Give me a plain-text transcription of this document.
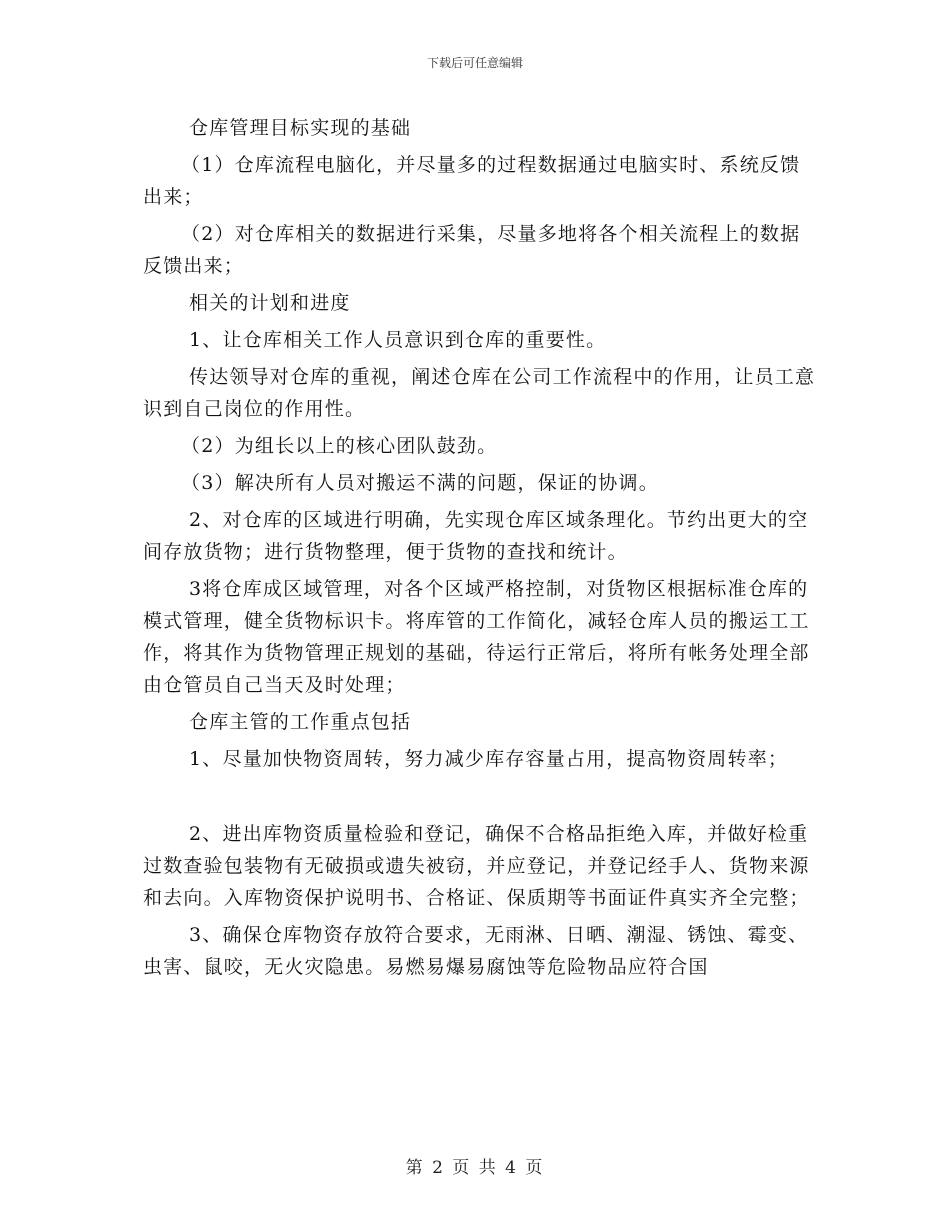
下载后可任意编辑

仓库管理目标实现的基础

（1）仓库流程电脑化，并尽量多的过程数据通过电脑实时、系统反馈出来；

（2）对仓库相关的数据进行采集，尽量多地将各个相关流程上的数据反馈出来；

相关的计划和进度

1、让仓库相关工作人员意识到仓库的重要性。

传达领导对仓库的重视，阐述仓库在公司工作流程中的作用，让员工意识到自己岗位的作用性。

（2）为组长以上的核心团队鼓劲。

（3）解决所有人员对搬运不满的问题，保证的协调。

2、对仓库的区域进行明确，先实现仓库区域条理化。节约出更大的空间存放货物；进行货物整理，便于货物的查找和统计。

3将仓库成区域管理，对各个区域严格控制，对货物区根据标准仓库的模式管理，健全货物标识卡。将库管的工作简化，减轻仓库人员的搬运工工作，将其作为货物管理正规划的基础，待运行正常后，将所有帐务处理全部由仓管员自己当天及时处理；

仓库主管的工作重点包括

1、尽量加快物资周转，努力减少库存容量占用，提高物资周转率；

2、进出库物资质量检验和登记，确保不合格品拒绝入库，并做好检重过数查验包装物有无破损或遗失被窃，并应登记，并登记经手人、货物来源和去向。入库物资保护说明书、合格证、保质期等书面证件真实齐全完整；

3、确保仓库物资存放符合要求，无雨淋、日晒、潮湿、锈蚀、霉变、虫害、鼠咬，无火灾隐患。易燃易爆易腐蚀等危险物品应符合国

第 2 页 共 4 页
